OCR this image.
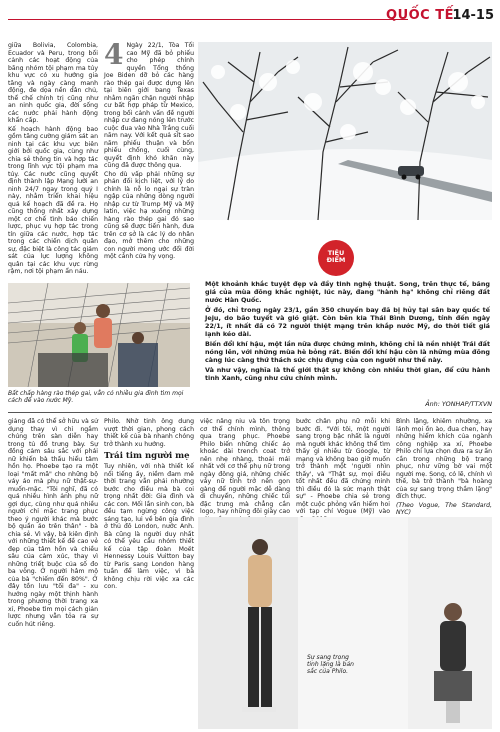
QUỐC TẾ
14-15

giữa Bolivia, Colombia, Ecuador và Peru, trong bối cảnh các hoạt động của băng nhóm tội phạm ma túy khu vực có xu hướng gia tăng và ngày càng manh động, đe dọa nền dân chủ, thể chế chính trị cũng như an ninh quốc gia, đời sống các nước phải hành động khẩn cấp.

Kế hoạch hành động bao gồm tăng cường giám sát an ninh tại các khu vực biên giới bởi quốc gia, cùng như chia sẻ thông tin và hợp tác trong lĩnh vực tội phạm ma túy. Các nước cũng quyết định thành lập Mạng lưới an ninh 24/7 ngay trong quý I này, nhằm triển khai hiệu quả kế hoạch đã đề ra. Họ cũng thống nhất xây dựng một cơ chế tình báo chiến lược, phục vụ hợp tác trong tín giữa các nước, hợp tác trong các chiến dịch quân sự, đặc biệt là công tác giám sát của lực lượng không quân tại các khu vực rừng rậm, nơi tội phạm ẩn náu.

4 Ngày 22/1, Tòa Tối cao Mỹ đã bỏ phiếu cho phép chính quyền Tổng thống Joe Biden dỡ bỏ các hàng rào thép gai được dựng lên tại biên giới bang Texas nhằm ngăn chặn người nhập cư bất hợp pháp từ Mexico, trong bối cảnh vấn đề người nhập cư đang nóng lên trước cuộc đua vào Nhà Trắng cuối năm nay. Với kết quả sít sao năm phiếu thuận và bốn phiếu chống, cuối cùng, quyết định khó khăn này cũng đã được thông qua.

Cho dù vấp phải những sự phản đối kịch liệt, với lý do chính là nỗ lo ngại sự tràn ngập của những dòng người nhập cư từ Trump Mỹ và Mỹ latin, việc hạ xuống những hàng rào thép gai đó sao cũng sẽ được tiến hành, đưa trên cơ sở là các lý do nhân đạo, mở thêm cho những con người mong ước đổi đời một cánh cửa hy vọng.

Bất chấp hàng rào thép gai, vẫn có nhiều gia đình tìm mọi cách để vào nước Mỹ.
TIÊU
ĐIỂM

Một khoảnh khắc tuyệt đẹp và đầy tinh nghệ thuật. Song, trên thực tế, băng giá của mùa đông khắc nghiệt, lúc này, đang "hành hạ" không chỉ riêng đất nước Hàn Quốc.

Ở đó, chỉ trong ngày 23/1, gần 350 chuyến bay đã bị hủy tại sân bay quốc tế Jeju, do bão tuyết và gió giật. Còn bên kia Thái Bình Dương, tính đến ngày 22/1, ít nhất đã có 72 người thiệt mạng trên khắp nước Mỹ, do thời tiết giá lạnh kéo dài.

Biến đổi khí hậu, một lần nữa được chứng minh, không chỉ là nền nhiệt Trái đất nóng lên, với những mùa hè bỏng rát. Biến đổi khí hậu còn là những mùa đông càng lúc càng thứ thách sức chịu đựng của con người như thế này.

Và như vậy, nghĩa là thế giới thật sự không còn nhiều thời gian, để cứu hành tinh Xanh, cũng như cứu chính mình.

Ảnh: YONHAP/TTXVN

giảng đã có thể sở hữu và sử dụng thay vì chỉ ngắm chúng trên sàn diễn hay trong tủ đồ trưng bày. Sự đồng cảm sâu sắc với phái nữ khiến bà thấu hiểu tâm hồn họ. Phoebe tạo ra một loại "mất mã" cho những bộ váy áo mà phụ nữ thật-sự-muốn-mặc. "Tôi nghĩ, đã có quá nhiều hình ảnh phụ nữ gợi dục, cùng như quá nhiều người chỉ mặc trang phục theo ý người khác mà bước bộ quần áo trên thân" - bà chia sẻ. Vì vậy, bà kiên định với những thiết kế đề cao vẻ đẹp của tâm hồn và chiều sâu của cảm xúc, thay vì những triết buộc của số đo ba vòng. Ở người hâm mộ của bà "chiếm đến 80%". Ở đây tồn lưu "tối đa" - xu hướng ngày một thịnh hành trong phương thời trang xa xỉ, Phoebe tìm mọi cách giản lược nhưng vẫn tỏa ra sự cuốn hút riêng.

Philo. Nhờ tinh ông dung vượt thời gian, phong cách thiết kế của bà nhanh chóng trở thành xu hướng.

Trái tim người mẹ

Tuy nhiên, với nhà thiết kế nổi tiếng ấy, niềm đam mê thời trang vẫn phải nhường bước cho điều mà bà coi trọng nhất đời: Gia đình và các con. Mối lần sinh con, bà đều tạm ngừng công việc sáng tạo, lui về bên gia đình ở thủ đô London, nước Anh. Bà cũng là người duy nhất có thể yêu cầu nhóm thiết kế của tập đoàn Moët Hennessy Louis Vuitton bay từ Paris sang London hàng tuần để làm việc, vì bà không chịu rời việc xa các con.

việc nâng niu và tôn trọng cơ thể chính mình, thông qua trang phục. Phoebe Philo biến những chiếc áo khoác dài trench coat trở nên nhẹ nhàng, thoải mái nhất với cơ thể phụ nữ trong ngày đông giá, những chiếc váy nữ tính trở nên gọn gàng để người mặc dễ dàng di chuyển, những chiếc túi đặc trưng mà chẳng cần logo, hay những đôi giày cao

bước chân phụ nữ mỗi khi bước đi. "Với tôi, một người sang trọng bậc nhất là người mà người khác không thể tìm thấy gì nhiều từ Google, từ mạng và không bao giờ muốn trở thành một 'người nhìn thấy', và "Thật sự, mọi điều tốt nhất đều đã chứng minh thì điều đó là sức mạnh thật sự" - Phoebe chia sẻ trong một cuộc phỏng vấn hiếm hoi với tạp chí Vogue (Mỹ) vào

Bình lặng, khiêm nhường, xa lánh mọi ồn ào, đua chen, hay những hiểm khích của ngành công nghiệp xa xỉ, Phoebe Philo chỉ lựa chọn đưa ra sự ấn cần trong những bộ trang phục, như vững bờ vai một người mẹ. Song, có lẽ, chính vì thế, bà trở thành "bà hoàng của sự sang trọng thầm lặng" đích thực.

(Theo Vogue, The Standard, NYC)

Sự sang trọng tinh lặng là bản sắc của Philo.
